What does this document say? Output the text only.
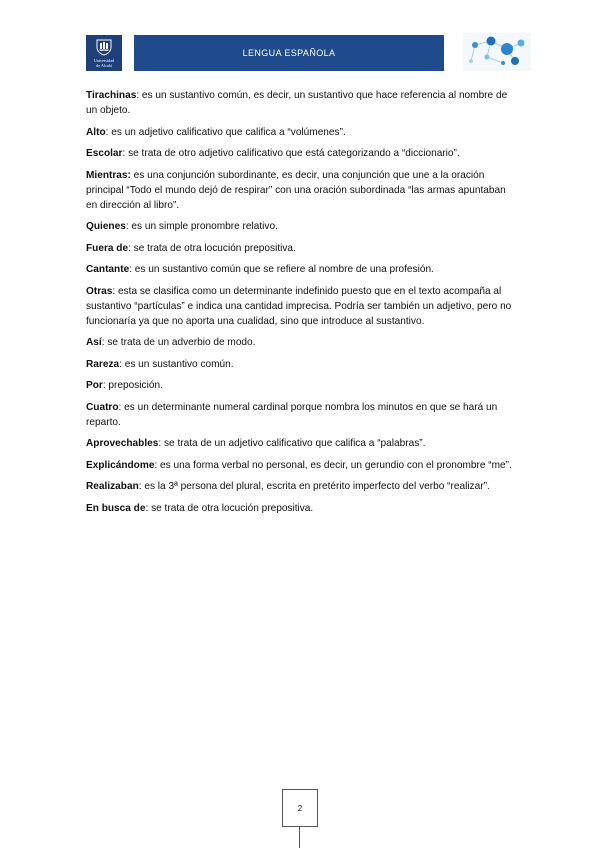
Universidad
de Alcalá
LENGUA ESPAÑOLA

Tirachinas: es un sustantivo común, es decir, un sustantivo que hace referencia al nombre de un objeto.

Alto: es un adjetivo calificativo que califica a “volúmenes”.

Escolar: se trata de otro adjetivo calificativo que está categorizando a “diccionario”.

Mientras: es una conjunción subordinante, es decir, una conjunción que une a la oración principal “Todo el mundo dejó de respirar” con una oración subordinada “las armas apuntaban en dirección al libro”.

Quienes: es un simple pronombre relativo.

Fuera de: se trata de otra locución prepositiva.

Cantante: es un sustantivo común que se refiere al nombre de una profesión.

Otras: esta se clasifica como un determinante indefinido puesto que en el texto acompaña al sustantivo “partículas” e indica una cantidad imprecisa. Podría ser también un adjetivo, pero no funcionaría ya que no aporta una cualidad, sino que introduce al sustantivo.

Así: se trata de un adverbio de modo.

Rareza: es un sustantivo común.

Por: preposición.

Cuatro: es un determinante numeral cardinal porque nombra los minutos en que se hará un reparto.

Aprovechables: se trata de un adjetivo calificativo que califica a “palabras”.

Explicándome: es una forma verbal no personal, es decir, un gerundio con el pronombre “me”.

Realizaban: es la 3ª persona del plural, escrita en pretérito imperfecto del verbo “realizar”.

En busca de: se trata de otra locución prepositiva.

2
